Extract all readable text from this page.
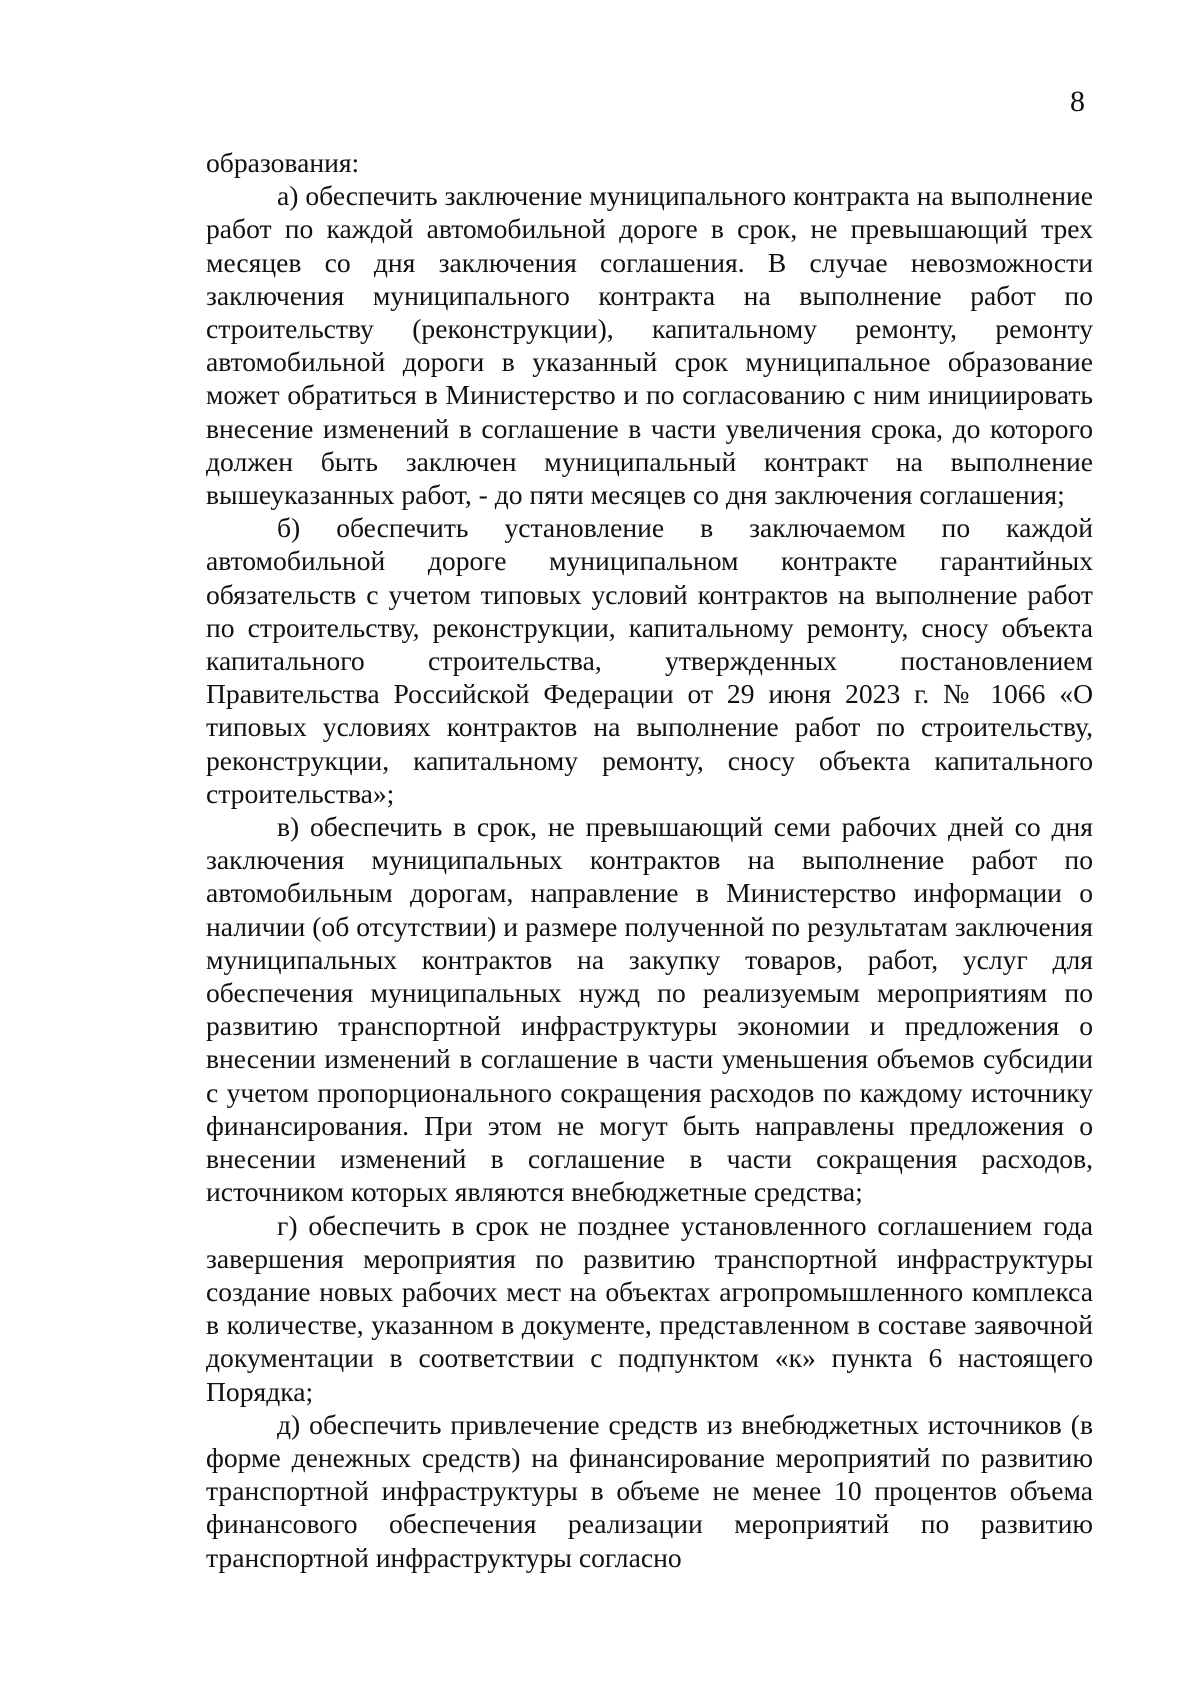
8

образования:

а) обеспечить заключение муниципального контракта на выполнение работ по каждой автомобильной дороге в срок, не превышающий трех месяцев со дня заключения соглашения. В случае невозможности заключения муниципального контракта на выполнение работ по строительству (реконструкции), капитальному ремонту, ремонту автомобильной дороги в указанный срок муниципальное образование может обратиться в Министерство и по согласованию с ним инициировать внесение изменений в соглашение в части увеличения срока, до которого должен быть заключен муниципальный контракт на выполнение вышеуказанных работ, - до пяти месяцев со дня заключения соглашения;

б) обеспечить установление в заключаемом по каждой автомобильной дороге муниципальном контракте гарантийных обязательств с учетом типовых условий контрактов на выполнение работ по строительству, реконструкции, капитальному ремонту, сносу объекта капитального строительства, утвержденных постановлением Правительства Российской Федерации от 29 июня 2023 г. № 1066 «О типовых условиях контрактов на выполнение работ по строительству, реконструкции, капитальному ремонту, сносу объекта капитального строительства»;

в) обеспечить в срок, не превышающий семи рабочих дней со дня заключения муниципальных контрактов на выполнение работ по автомобильным дорогам, направление в Министерство информации о наличии (об отсутствии) и размере полученной по результатам заключения муниципальных контрактов на закупку товаров, работ, услуг для обеспечения муниципальных нужд по реализуемым мероприятиям по развитию транспортной инфраструктуры экономии и предложения о внесении изменений в соглашение в части уменьшения объемов субсидии с учетом пропорционального сокращения расходов по каждому источнику финансирования. При этом не могут быть направлены предложения о внесении изменений в соглашение в части сокращения расходов, источником которых являются внебюджетные средства;

г) обеспечить в срок не позднее установленного соглашением года завершения мероприятия по развитию транспортной инфраструктуры создание новых рабочих мест на объектах агропромышленного комплекса в количестве, указанном в документе, представленном в составе заявочной документации в соответствии с подпунктом «к» пункта 6 настоящего Порядка;

д) обеспечить привлечение средств из внебюджетных источников (в форме денежных средств) на финансирование мероприятий по развитию транспортной инфраструктуры в объеме не менее 10 процентов объема финансового обеспечения реализации мероприятий по развитию транспортной инфраструктуры согласно
